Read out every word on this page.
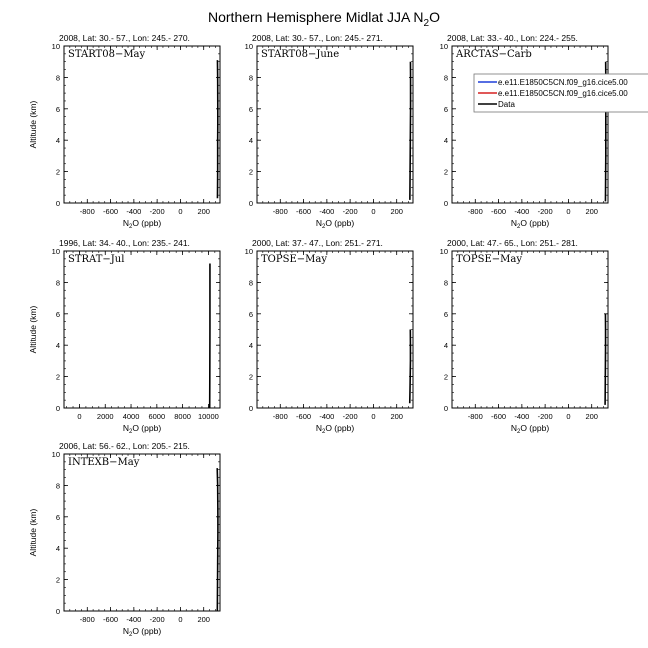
Northern Hemisphere Midlat JJA $N_2O$
2008, Lat: 30.- 57., Lon: 245.- 270.
START08−May
-800 -600 -400 -200 0 200
0
2
4
6
8
10
$N_2O$ (ppb)
Altitude (km)
2008, Lat: 30.- 57., Lon: 245.- 271.
START08−June
-800 -600 -400 -200 0 200
0
2
4
6
8
10
$N_2O$ (ppb)
2008, Lat: 33.- 40., Lon: 224.- 255.
ARCTAS−Carb
-800 -600 -400 -200 0 200
0
2
4
6
8
10
$N_2O$ (ppb)
1996, Lat: 34.- 40., Lon: 235.- 241.
STRAT−Jul
0 2000 4000 6000 8000 10000
0
2
4
6
8
10
$N_2O$ (ppb)
Altitude (km)
2000, Lat: 37.- 47., Lon: 251.- 271.
TOPSE−May
-800 -600 -400 -200 0 200
0
2
4
6
8
10
$N_2O$ (ppb)
2000, Lat: 47.- 65., Lon: 251.- 281.
TOPSE−May
-800 -600 -400 -200 0 200
0
2
4
6
8
10
$N_2O$ (ppb)
2006, Lat: 56.- 62., Lon: 205.- 215.
INTEXB−May
-800 -600 -400 -200 0 200
0
2
4
6
8
10
$N_2O$ (ppb)
Altitude (km)
e.e11.E1850C5CN.f09_g16.cice5.00
e.e11.E1850C5CN.f09_g16.cice5.00
Data
